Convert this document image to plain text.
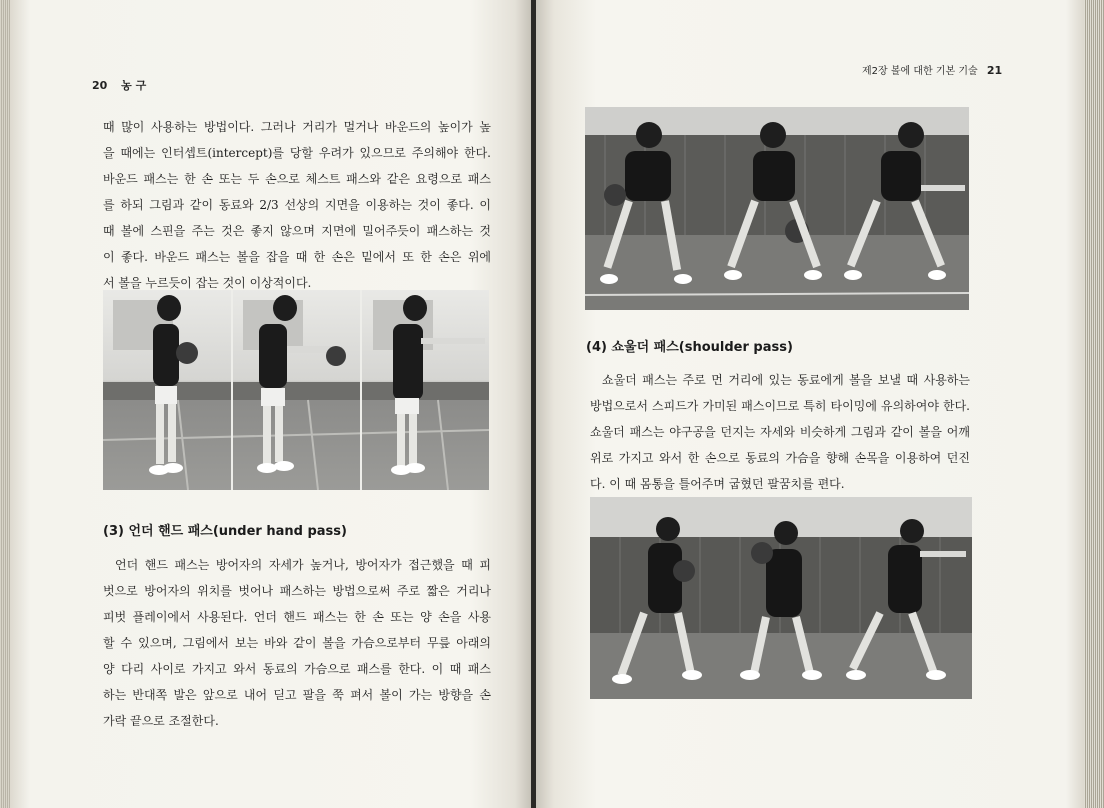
20 농 구
때 많이 사용하는 방법이다. 그러나 거리가 멀거나 바운드의 높이가 높
을 때에는 인터셉트(intercept)를 당할 우려가 있으므로 주의해야 한다.
바운드 패스는 한 손 또는 두 손으로 체스트 패스와 같은 요령으로 패스
를 하되 그림과 같이 동료와 2/3 선상의 지면을 이용하는 것이 좋다. 이
때 볼에 스핀을 주는 것은 좋지 않으며 지면에 밀어주듯이 패스하는 것
이 좋다. 바운드 패스는 볼을 잡을 때 한 손은 밑에서 또 한 손은 위에
서 볼을 누르듯이 잡는 것이 이상적이다.
(3) 언더 핸드 패스(under hand pass)
언더 핸드 패스는 방어자의 자세가 높거나, 방어자가 접근했을 때 피
벗으로 방어자의 위치를 벗어나 패스하는 방법으로써 주로 짧은 거리나
피벗 플레이에서 사용된다. 언더 핸드 패스는 한 손 또는 양 손을 사용
할 수 있으며, 그림에서 보는 바와 같이 볼을 가슴으로부터 무릎 아래의
양 다리 사이로 가지고 와서 동료의 가슴으로 패스를 한다. 이 때 패스
하는 반대쪽 발은 앞으로 내어 딛고 팔을 쭉 펴서 볼이 가는 방향을 손
가락 끝으로 조절한다.
제2장 볼에 대한 기본 기술 21
(4) 쇼울더 패스(shoulder pass)
쇼울더 패스는 주로 먼 거리에 있는 동료에게 볼을 보낼 때 사용하는
방법으로서 스피드가 가미된 패스이므로 특히 타이밍에 유의하여야 한다.
쇼울더 패스는 야구공을 던지는 자세와 비슷하게 그림과 같이 볼을 어깨
위로 가지고 와서 한 손으로 동료의 가슴을 향해 손목을 이용하여 던진
다. 이 때 몸통을 틀어주며 굽혔던 팔꿈치를 편다.
